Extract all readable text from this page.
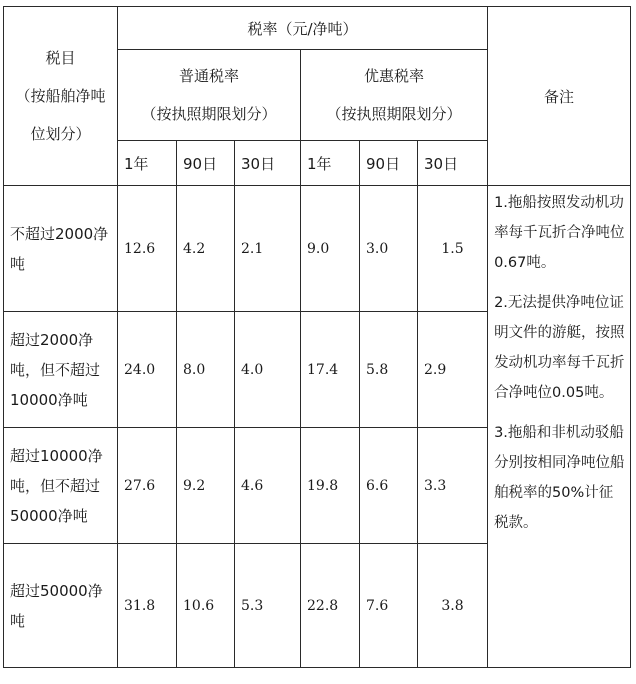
税目
（按船舶净吨
位划分）	税率（元/净吨）						备注

	普通税率
（按执照期限划分）			优惠税率
（按执照期限划分）			

	1年	90日	30日	1年	90日	30日	
不超过2000净吨	12.6	4.2	2.1	9.0	3.0	1.5	1.拖船按照发动机功率每千瓦折合净吨位0.67吨。

2.无法提供净吨位证明文件的游艇，按照发动机功率每千瓦折合净吨位0.05吨。

3.拖船和非机动驳船分别按相同净吨位船舶税率的50%计征税款。

超过2000净吨，但不超过10000净吨	24.0	8.0	4.0	17.4	5.8	2.9	
超过10000净吨，但不超过50000净吨	27.6	9.2	4.6	19.8	6.6	3.3	
超过50000净吨	31.8	10.6	5.3	22.8	7.6	3.8	
